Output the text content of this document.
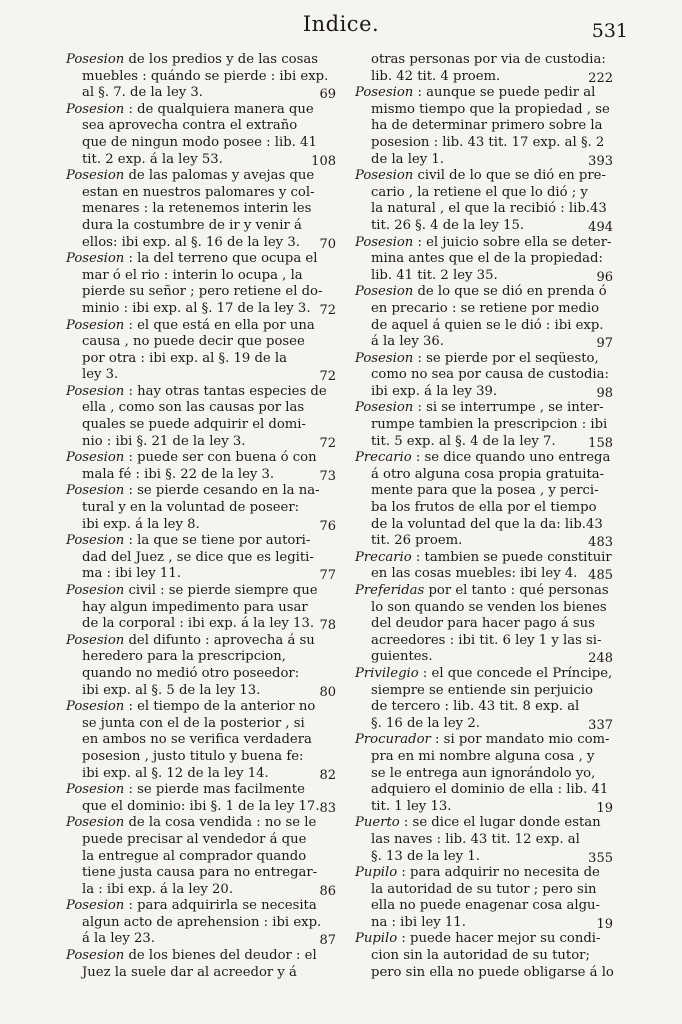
Indice.	531
Posesion de los predios y de las cosas
muebles : quándo se pierde : ibi exp.
al §. 7. de la ley 3.	69
Posesion : de qualquiera manera que
sea aprovecha contra el extraño
que de ningun modo posee : lib. 41
tit. 2 exp. á la ley 53.	108
Posesion de las palomas y avejas que
estan en nuestros palomares y col-
menares : la retenemos interin les
dura la costumbre de ir y venir á
ellos: ibi exp. al §. 16 de la ley 3.	70
Posesion : la del terreno que ocupa el
mar ó el rio : interin lo ocupa , la
pierde su señor ; pero retiene el do-
minio : ibi exp. al §. 17 de la ley 3. 72
Posesion : el que está en ella por una
causa , no puede decir que posee
por otra : ibi exp. al §. 19 de la
ley 3.	72
Posesion : hay otras tantas especies de
ella , como son las causas por las
quales se puede adquirir el domi-
nio : ibi §. 21 de la ley 3.	72
Posesion : puede ser con buena ó con
mala fé : ibi §. 22 de la ley 3.	73
Posesion : se pierde cesando en la na-
tural y en la voluntad de poseer:
ibi exp. á la ley 8.	76
Posesion : la que se tiene por autori-
dad del Juez , se dice que es legiti-
ma : ibi ley 11.	77
Posesion civil : se pierde siempre que
hay algun impedimento para usar
de la corporal : ibi exp. á la ley 13. 78
Posesion del difunto : aprovecha á su
heredero para la prescripcion,
quando no medió otro poseedor:
ibi exp. al §. 5 de la ley 13.	80
Posesion : el tiempo de la anterior no
se junta con el de la posterior , si
en ambos no se verifica verdadera
posesion , justo titulo y buena fe:
ibi exp. al §. 12 de la ley 14.	82
Posesion : se pierde mas facilmente
que el dominio: ibi §. 1 de la ley 17. 83
Posesion de la cosa vendida : no se le
puede precisar al vendedor á que
la entregue al comprador quando
tiene justa causa para no entregar-
la : ibi exp. á la ley 20.	86
Posesion : para adquirirla se necesita
algun acto de aprehension : ibi exp.
á la ley 23.	87
Posesion de los bienes del deudor : el
Juez la suele dar al acreedor y á
otras personas por via de custodia:
lib. 42 tit. 4 proem.	222
Posesion : aunque se puede pedir al
mismo tiempo que la propiedad , se
ha de determinar primero sobre la
posesion : lib. 43 tit. 17 exp. al §. 2
de la ley 1.	393
Posesion civil de lo que se dió en pre-
cario , la retiene el que lo dió ; y
la natural , el que la recibió : lib.43
tit. 26 §. 4 de la ley 15.	494
Posesion : el juicio sobre ella se deter-
mina antes que el de la propiedad:
lib. 41 tit. 2 ley 35.	96
Posesion de lo que se dió en prenda ó
en precario : se retiene por medio
de aquel á quien se le dió : ibi exp.
á la ley 36.	97
Posesion : se pierde por el seqüesto,
como no sea por causa de custodia:
ibi exp. á la ley 39.	98
Posesion : si se interrumpe , se inter-
rumpe tambien la prescripcion : ibi
tit. 5 exp. al §. 4 de la ley 7.	158
Precario : se dice quando uno entrega
á otro alguna cosa propia gratuita-
mente para que la posea , y perci-
ba los frutos de ella por el tiempo
de la voluntad del que la da: lib.43
tit. 26 proem.	483
Precario : tambien se puede constituir
en las cosas muebles: ibi ley 4. 485
Preferidas por el tanto : qué personas
lo son quando se venden los bienes
del deudor para hacer pago á sus
acreedores : ibi tit. 6 ley 1 y las si-
guientes.	248
Privilegio : el que concede el Príncipe,
siempre se entiende sin perjuicio
de tercero : lib. 43 tit. 8 exp. al
§. 16 de la ley 2.	337
Procurador : si por mandato mio com-
pra en mi nombre alguna cosa , y
se le entrega aun ignorándolo yo,
adquiero el dominio de ella : lib. 41
tit. 1 ley 13.	19
Puerto : se dice el lugar donde estan
las naves : lib. 43 tit. 12 exp. al
§. 13 de la ley 1.	355
Pupilo : para adquirir no necesita de
la autoridad de su tutor ; pero sin
ella no puede enagenar cosa algu-
na : ibi ley 11.	19
Pupilo : puede hacer mejor su condi-
cion sin la autoridad de su tutor;
pero sin ella no puede obligarse á lo
